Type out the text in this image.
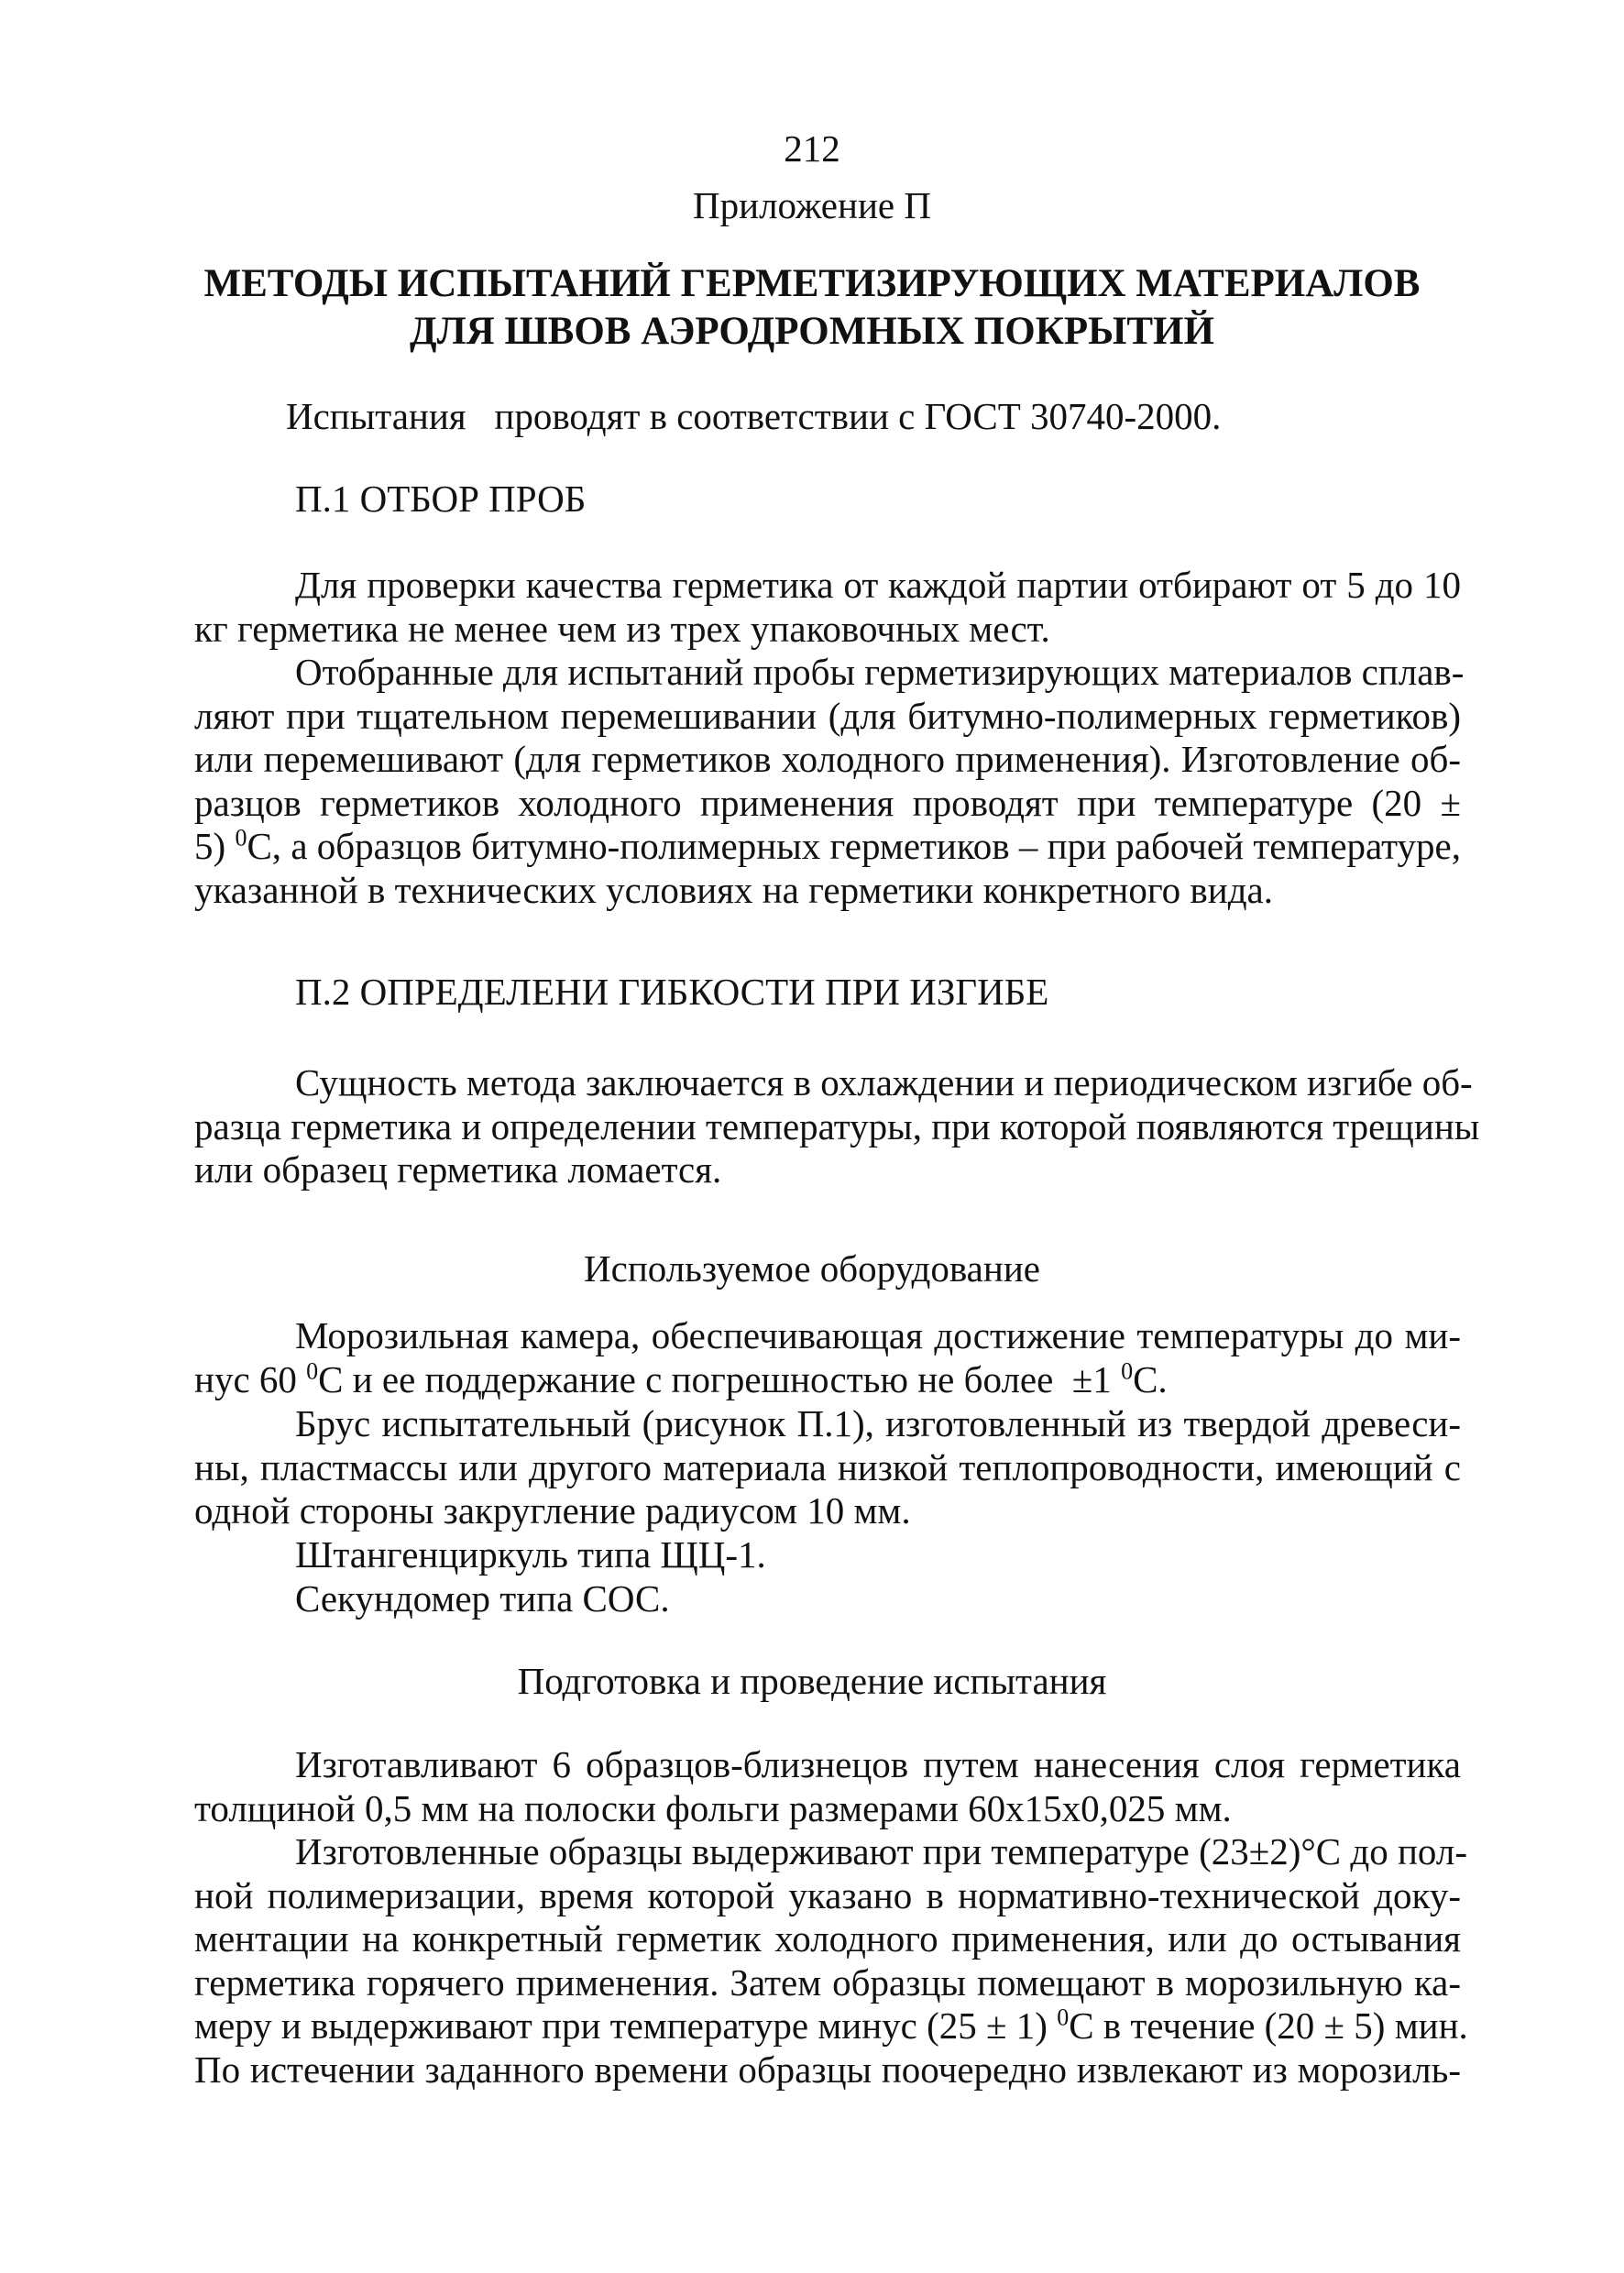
212
Приложение П
МЕТОДЫ ИСПЫТАНИЙ ГЕРМЕТИЗИРУЮЩИХ МАТЕРИАЛОВ
ДЛЯ ШВОВ АЭРОДРОМНЫХ ПОКРЫТИЙ
Испытания   проводят в соответствии с ГОСТ 30740-2000.
П.1 ОТБОР ПРОБ
Для проверки качества герметика от каждой партии отбирают от 5 до 10
кг герметика не менее чем из трех упаковочных мест.
Отобранные для испытаний пробы герметизирующих материалов сплав-
ляют при тщательном перемешивании (для битумно-полимерных герметиков)
или перемешивают (для герметиков холодного применения). Изготовление об-
разцов герметиков холодного применения проводят при температуре (20 ±
5) $^0$С, а образцов битумно-полимерных герметиков – при рабочей температуре,
указанной в технических условиях на герметики конкретного вида.
П.2 ОПРЕДЕЛЕНИ ГИБКОСТИ ПРИ ИЗГИБЕ
Сущность метода заключается в охлаждении и периодическом изгибе об-
разца герметика и определении температуры, при которой появляются трещины
или образец герметика ломается.
Используемое оборудование
Морозильная камера, обеспечивающая достижение температуры до ми-
нус 60 $^0$С и ее поддержание с погрешностью не более  ±1 $^0$С.
Брус испытательный (рисунок П.1), изготовленный из твердой древеси-
ны, пластмассы или другого материала низкой теплопроводности, имеющий с
одной стороны закругление радиусом 10 мм.
Штангенциркуль типа ЩЦ-1.
Секундомер типа СОС.
Подготовка и проведение испытания
Изготавливают 6 образцов-близнецов путем нанесения слоя герметика
толщиной 0,5 мм на полоски фольги размерами 60х15х0,025 мм.
Изготовленные образцы выдерживают при температуре (23±2)°С до пол-
ной полимеризации, время которой указано в нормативно-технической доку-
ментации на конкретный герметик холодного применения, или до остывания
герметика горячего применения. Затем образцы помещают в морозильную ка-
меру и выдерживают при температуре минус (25 ± 1) $^0$С в течение (20 ± 5) мин.
По истечении заданного времени образцы поочередно извлекают из морозиль-
